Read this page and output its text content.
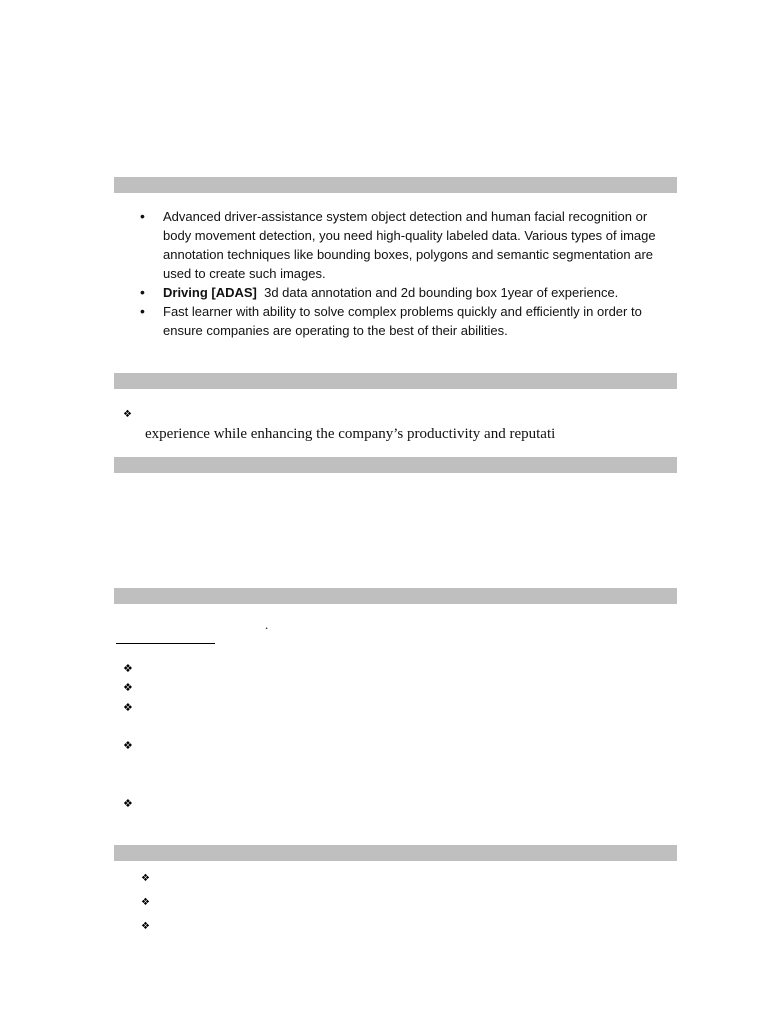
• Advanced driver-assistance system object detection and human facial recognition or body movement detection, you need high-quality labeled data. Various types of image annotation techniques like bounding boxes, polygons and semantic segmentation are used to create such images.
• Driving [ADAS]  3d data annotation and 2d bounding box 1year of experience.
• Fast learner with ability to solve complex problems quickly and efficiently in order to ensure companies are operating to the best of their abilities.
❖
experience while enhancing the company’s productivity and reputati
.
❖
❖
❖
❖
❖
❖
❖
❖
